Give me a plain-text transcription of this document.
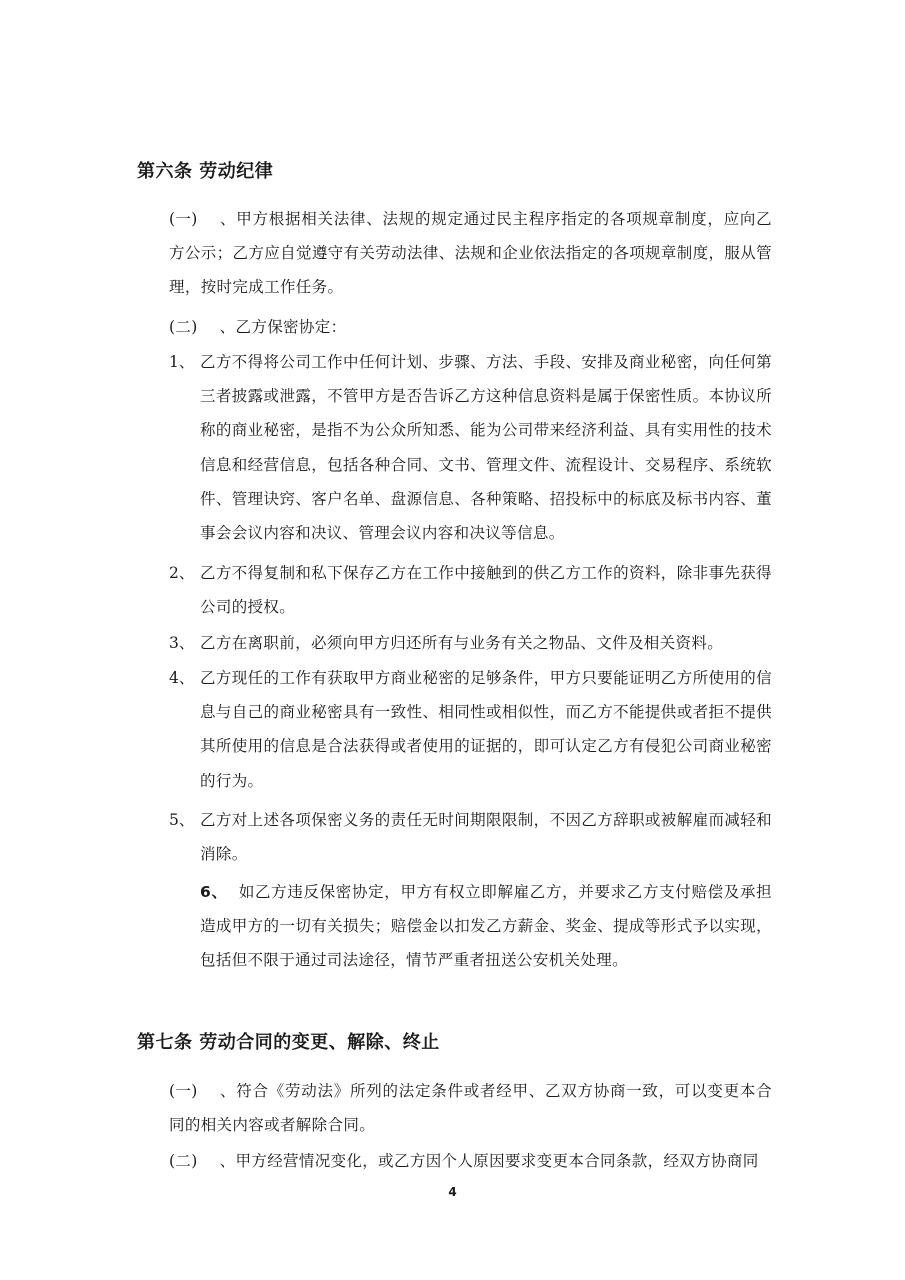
第六条 劳动纪律

(一) 、甲方根据相关法律、法规的规定通过民主程序指定的各项规章制度，应向乙方公示；乙方应自觉遵守有关劳动法律、法规和企业依法指定的各项规章制度，服从管理，按时完成工作任务。

(二) 、乙方保密协定：

1、 乙方不得将公司工作中任何计划、步骤、方法、手段、安排及商业秘密，向任何第三者披露或泄露，不管甲方是否告诉乙方这种信息资料是属于保密性质。本协议所称的商业秘密，是指不为公众所知悉、能为公司带来经济利益、具有实用性的技术信息和经营信息，包括各种合同、文书、管理文件、流程设计、交易程序、系统软件、管理诀窍、客户名单、盘源信息、各种策略、招投标中的标底及标书内容、董事会会议内容和决议、管理会议内容和决议等信息。

2、 乙方不得复制和私下保存乙方在工作中接触到的供乙方工作的资料，除非事先获得公司的授权。

3、 乙方在离职前，必须向甲方归还所有与业务有关之物品、文件及相关资料。

4、 乙方现任的工作有获取甲方商业秘密的足够条件，甲方只要能证明乙方所使用的信息与自己的商业秘密具有一致性、相同性或相似性，而乙方不能提供或者拒不提供其所使用的信息是合法获得或者使用的证据的，即可认定乙方有侵犯公司商业秘密的行为。

5、 乙方对上述各项保密义务的责任无时间期限限制，不因乙方辞职或被解雇而减轻和消除。

6、 如乙方违反保密协定，甲方有权立即解雇乙方，并要求乙方支付赔偿及承担造成甲方的一切有关损失；赔偿金以扣发乙方薪金、奖金、提成等形式予以实现，包括但不限于通过司法途径，情节严重者扭送公安机关处理。

第七条 劳动合同的变更、解除、终止

(一) 、符合《劳动法》所列的法定条件或者经甲、乙双方协商一致，可以变更本合同的相关内容或者解除合同。

(二) 、甲方经营情况变化，或乙方因个人原因要求变更本合同条款，经双方协商同

4
